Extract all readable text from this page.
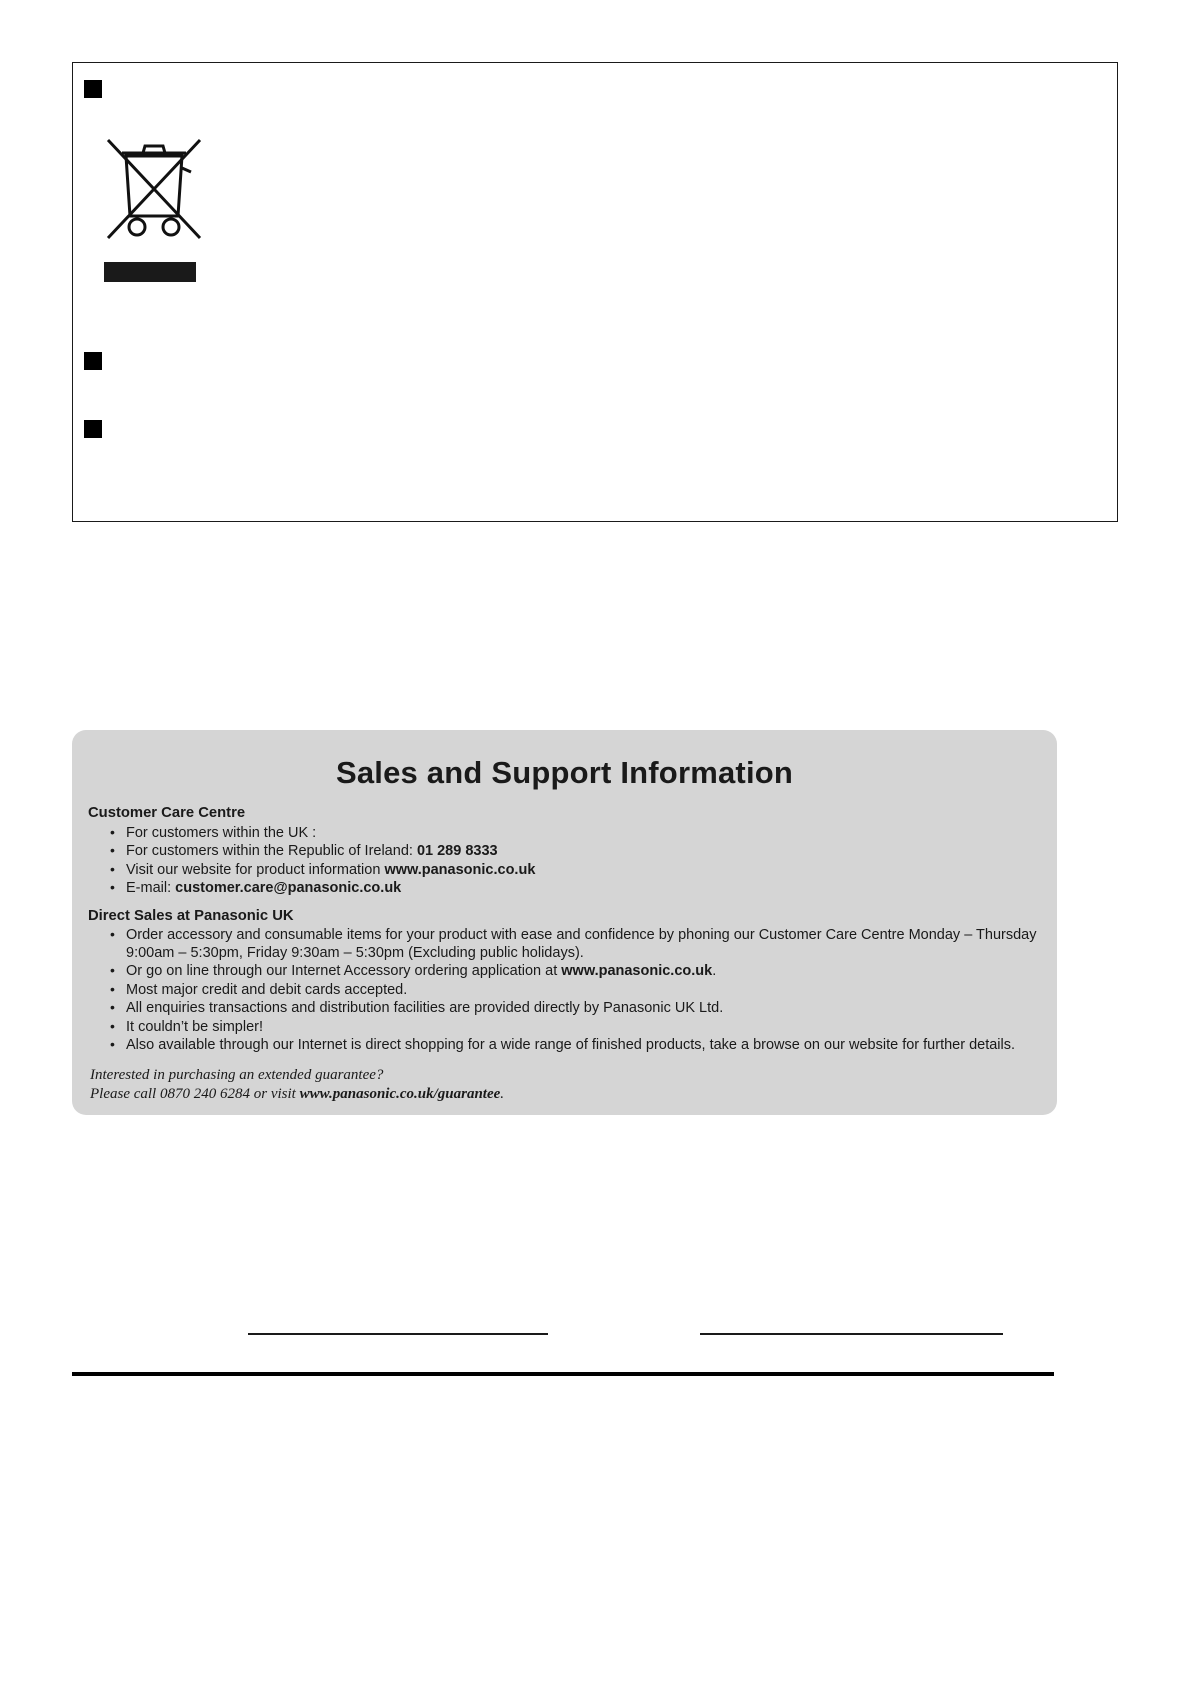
Sales and Support Information
Customer Care Centre
• For customers within the UK :
• For customers within the Republic of Ireland: 01 289 8333
• Visit our website for product information www.panasonic.co.uk
• E-mail: customer.care@panasonic.co.uk
Direct Sales at Panasonic UK
• Order accessory and consumable items for your product with ease and confidence by phoning our Customer Care Centre Monday – Thursday 9:00am – 5:30pm, Friday 9:30am – 5:30pm (Excluding public holidays).
• Or go on line through our Internet Accessory ordering application at www.panasonic.co.uk.
• Most major credit and debit cards accepted.
• All enquiries transactions and distribution facilities are provided directly by Panasonic UK Ltd.
• It couldn’t be simpler!
• Also available through our Internet is direct shopping for a wide range of finished products, take a browse on our website for further details.
Interested in purchasing an extended guarantee?
Please call 0870 240 6284 or visit www.panasonic.co.uk/guarantee.
